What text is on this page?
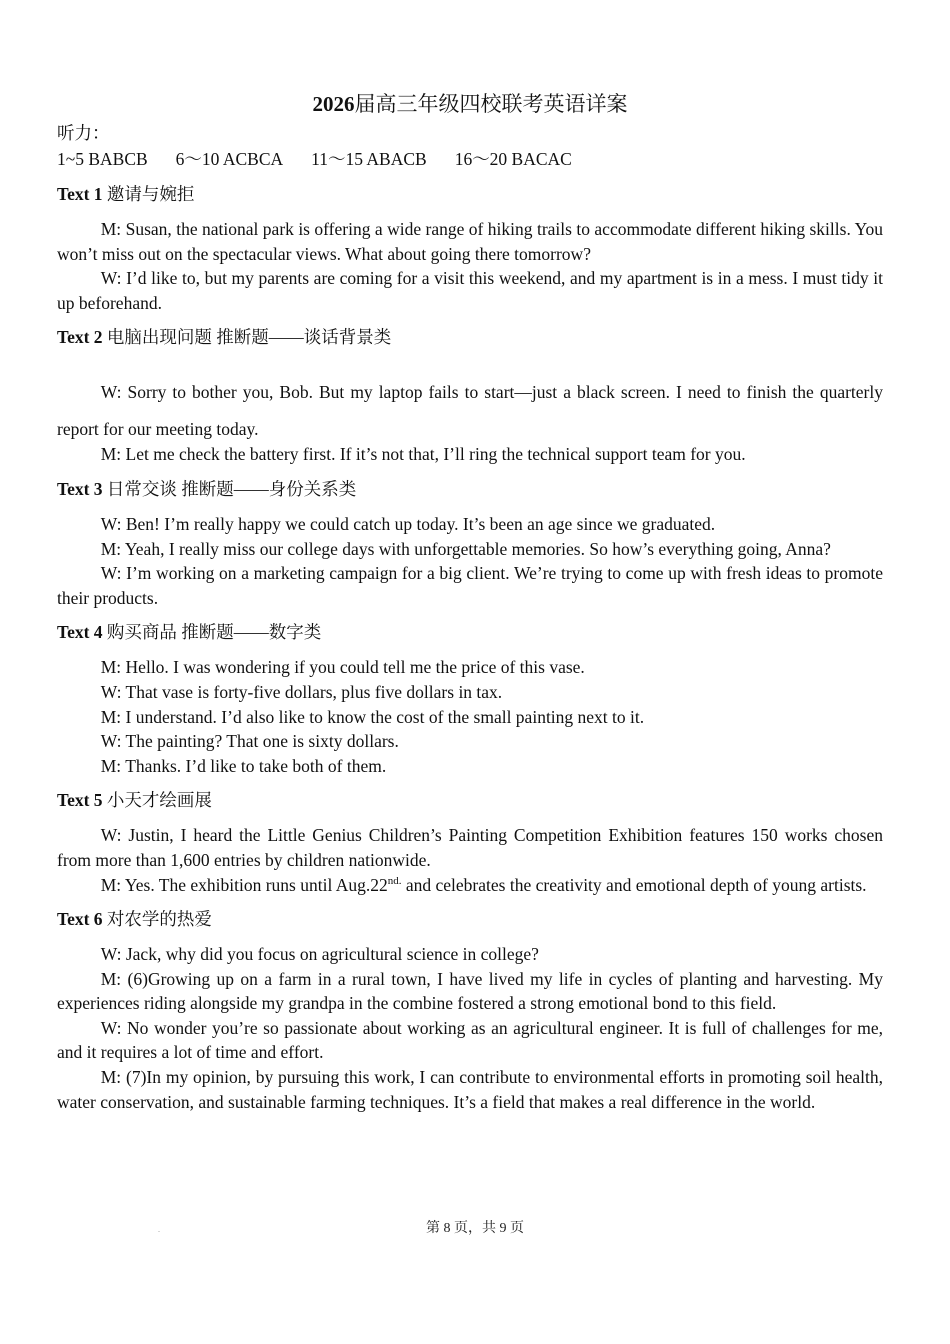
2026届高三年级四校联考英语详案

听力：

1~5 BABCB 6～10 ACBCA 11～15 ABACB 16～20 BACAC

Text 1 邀请与婉拒

M: Susan, the national park is offering a wide range of hiking trails to accommodate different hiking skills. You won’t miss out on the spectacular views. What about going there tomorrow?

W: I’d like to, but my parents are coming for a visit this weekend, and my apartment is in a mess. I must tidy it up beforehand.

Text 2 电脑出现问题 推断题——谈话背景类

W: Sorry to bother you, Bob. But my laptop fails to start—just a black screen. I need to finish the quarterly report for our meeting today.

M: Let me check the battery first. If it’s not that, I’ll ring the technical support team for you.

Text 3 日常交谈 推断题——身份关系类

W: Ben! I’m really happy we could catch up today. It’s been an age since we graduated.

M: Yeah, I really miss our college days with unforgettable memories. So how’s everything going, Anna?

W: I’m working on a marketing campaign for a big client. We’re trying to come up with fresh ideas to promote their products.

Text 4 购买商品 推断题——数字类

M: Hello. I was wondering if you could tell me the price of this vase.

W: That vase is forty-five dollars, plus five dollars in tax.

M: I understand. I’d also like to know the cost of the small painting next to it.

W: The painting? That one is sixty dollars.

M: Thanks. I’d like to take both of them.

Text 5 小天才绘画展

W: Justin, I heard the Little Genius Children’s Painting Competition Exhibition features 150 works chosen from more than 1,600 entries by children nationwide.

M: Yes. The exhibition runs until $Aug.22^{nd.}$ and celebrates the creativity and emotional depth of young artists.

Text 6 对农学的热爱

W: Jack, why did you focus on agricultural science in college?

M: (6)Growing up on a farm in a rural town, I have lived my life in cycles of planting and harvesting. My experiences riding alongside my grandpa in the combine fostered a strong emotional bond to this field.

W: No wonder you’re so passionate about working as an agricultural engineer. It is full of challenges for me, and it requires a lot of time and effort.

M: (7)In my opinion, by pursuing this work, I can contribute to environmental efforts in promoting soil health, water conservation, and sustainable farming techniques. It’s a field that makes a real difference in the world.

.	第 8 页，共 9 页
